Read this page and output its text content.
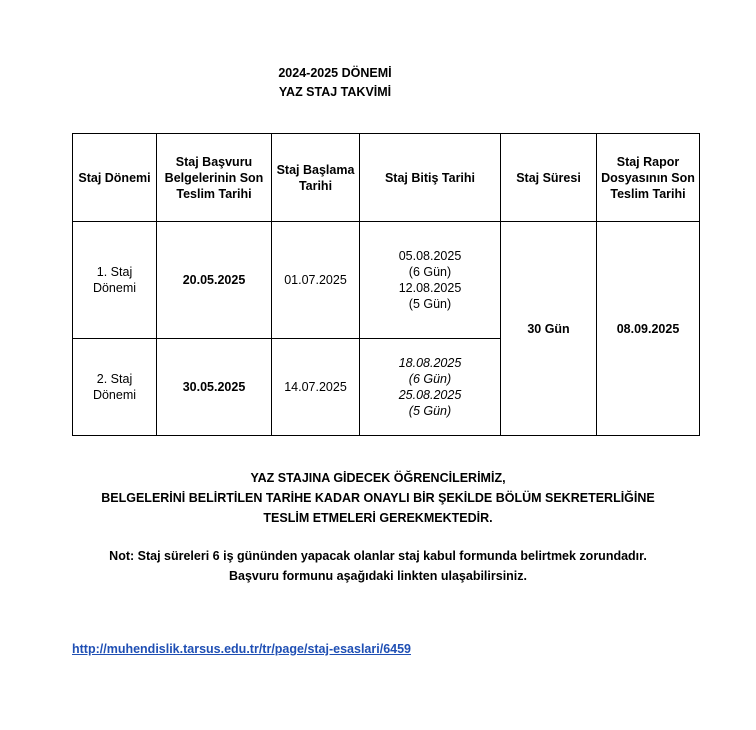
2024-2025 DÖNEMİ
YAZ STAJ TAKVİMİ
Staj Dönemi	Staj Başvuru Belgelerinin Son Teslim Tarihi	Staj Başlama Tarihi	Staj Bitiş Tarihi	Staj Süresi	Staj Rapor Dosyasının Son Teslim Tarihi
1. Staj Dönemi	20.05.2025	01.07.2025	05.08.2025
(6 Gün)
12.08.2025
(5 Gün)	30 Gün	08.09.2025
2. Staj Dönemi	30.05.2025	14.07.2025	18.08.2025
(6 Gün)
25.08.2025
(5 Gün)		
YAZ STAJINA GİDECEK ÖĞRENCİLERİMİZ,
BELGELERİNİ BELİRTİLEN TARİHE KADAR ONAYLI BİR ŞEKİLDE BÖLÜM SEKRETERLİĞİNE
TESLİM ETMELERİ GEREKMEKTEDİR.
Not: Staj süreleri 6 iş gününden yapacak olanlar staj kabul formunda belirtmek zorundadır.
Başvuru formunu aşağıdaki linkten ulaşabilirsiniz.
http://muhendislik.tarsus.edu.tr/tr/page/staj-esaslari/6459
